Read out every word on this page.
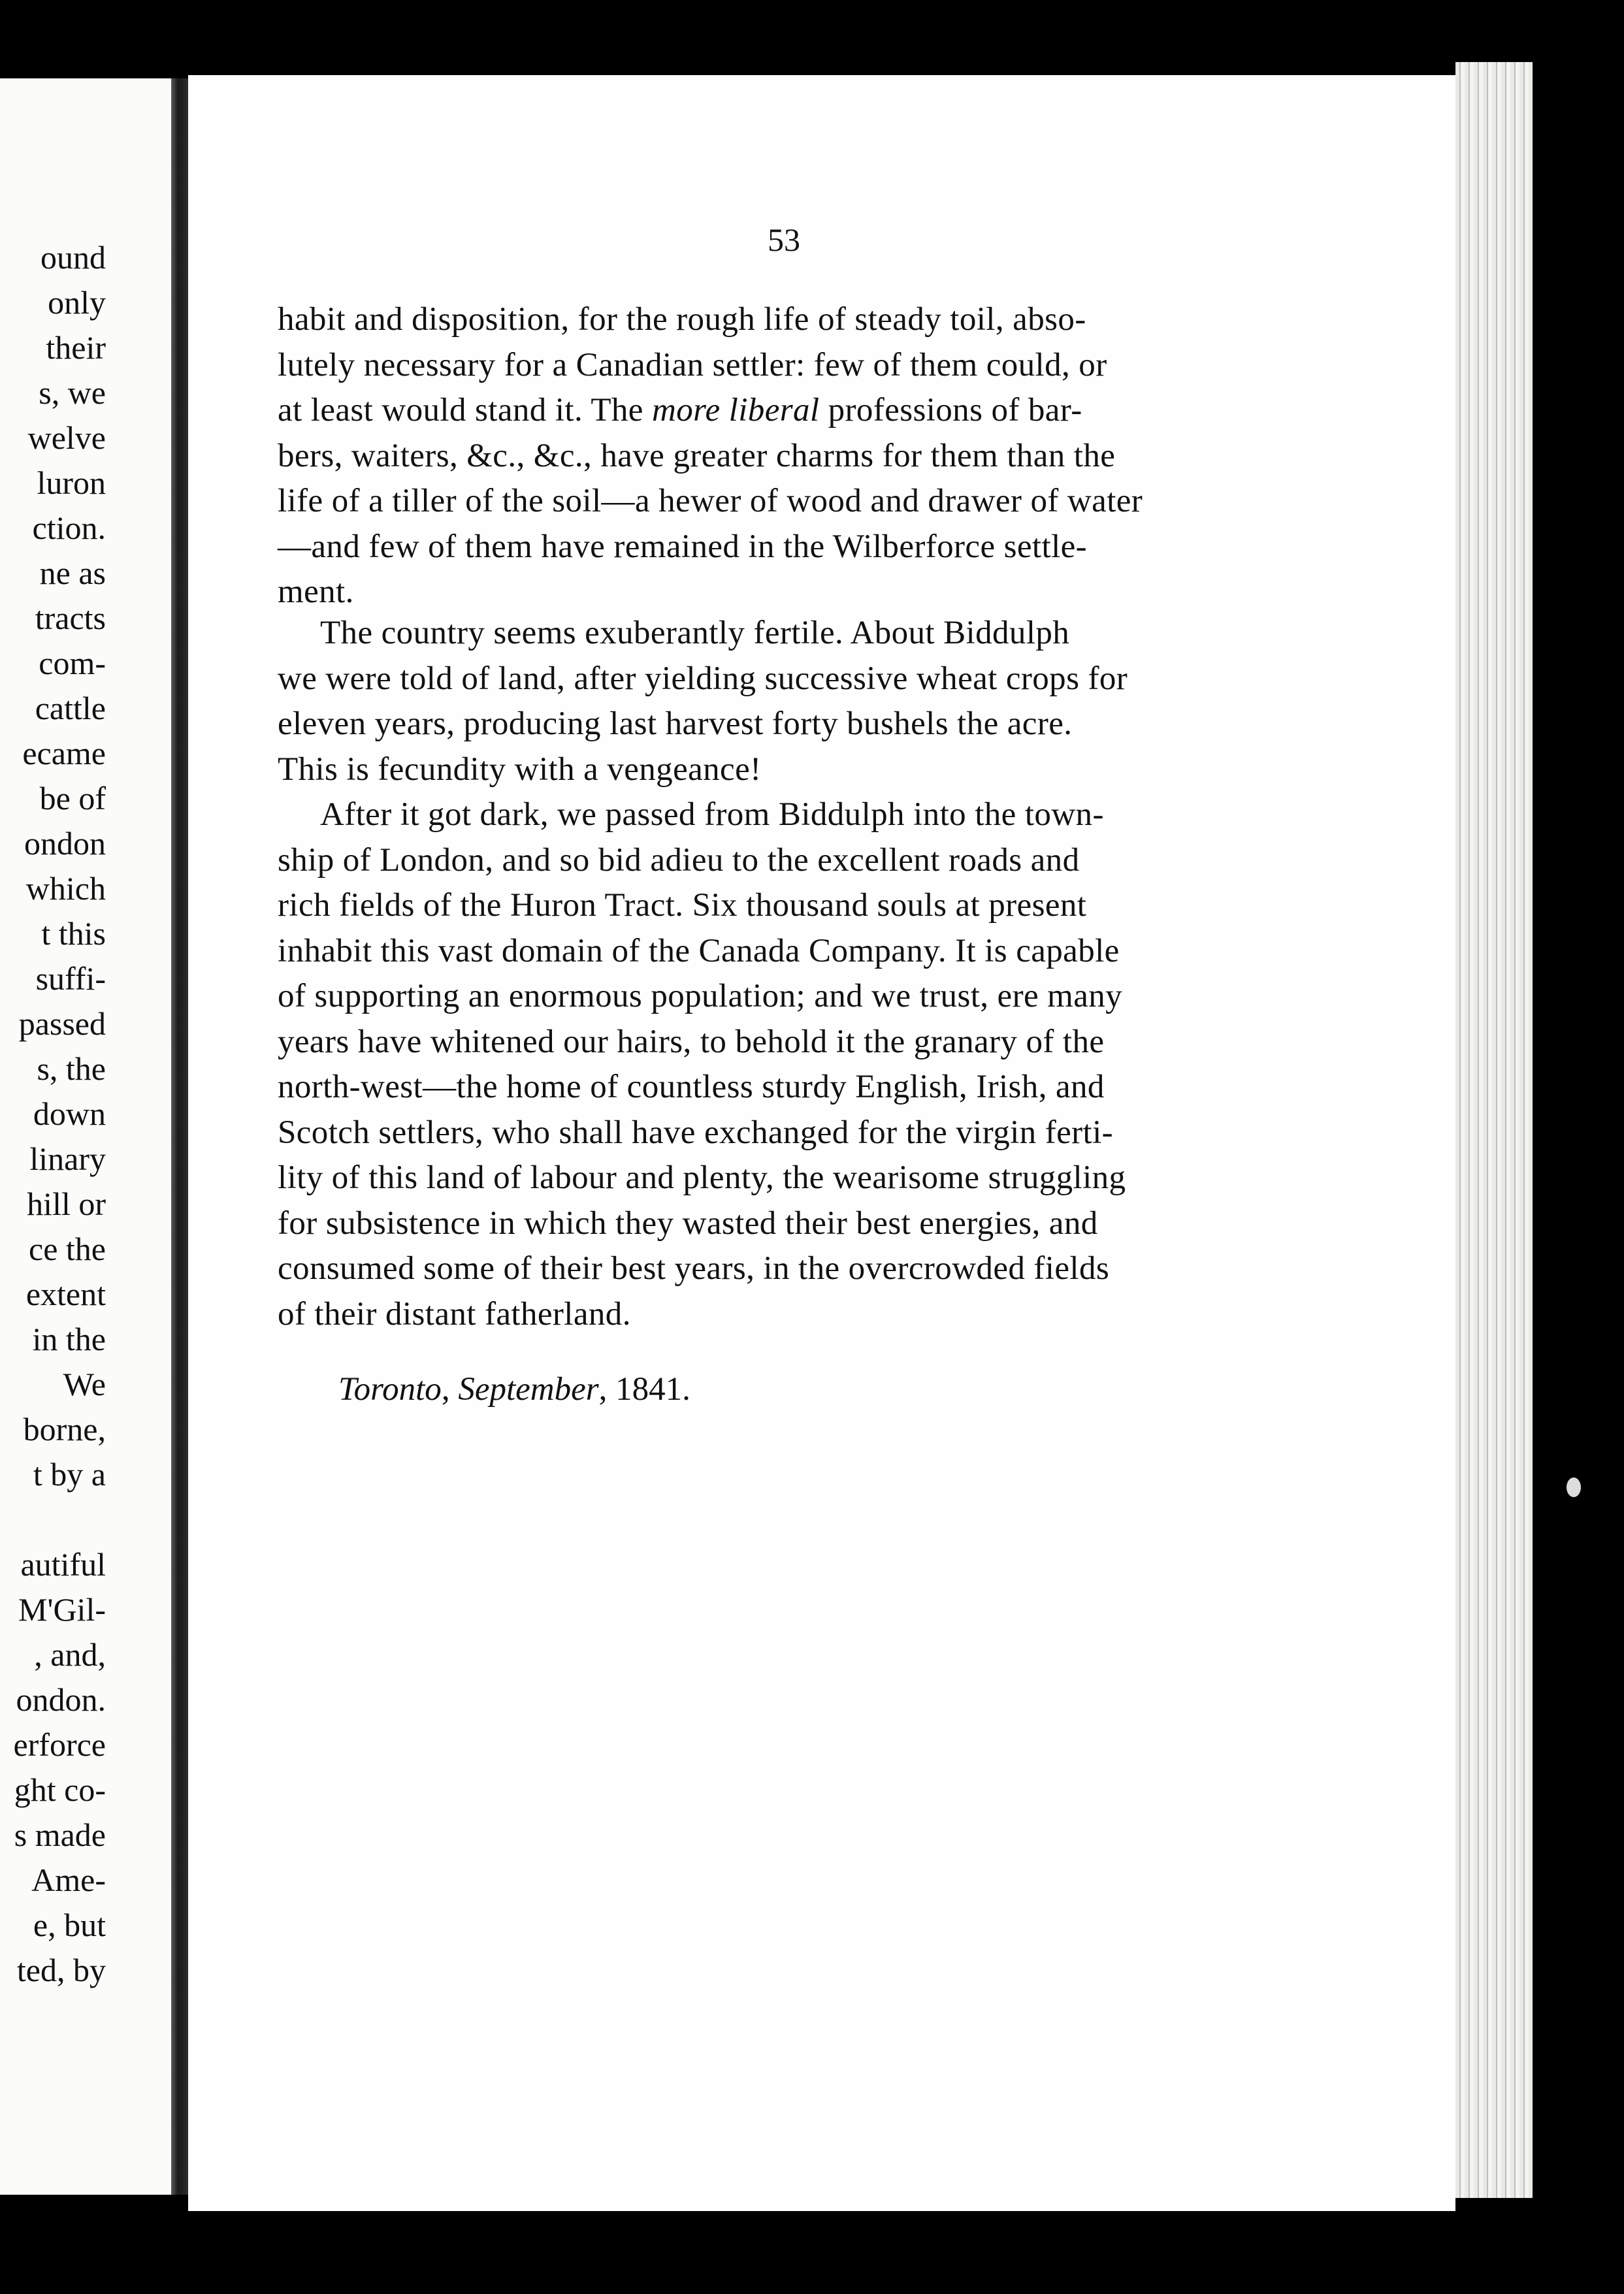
ound
only
their
s, we
welve
luron
ction.
ne as
tracts
com-
cattle
ecame
be of
ondon
which
t this
suffi-
passed
s, the
down
linary
hill or
ce the
extent
in the
We
borne,
t by a
autiful
M'Gil-
, and,
ondon.
erforce
ght co-
s made
Ame-
e, but
ted, by
53
habit and disposition, for the rough life of steady toil, abso-
lutely necessary for a Canadian settler: few of them could, or
at least would stand it. The more liberal professions of bar-
bers, waiters, &c., &c., have greater charms for them than the
life of a tiller of the soil—a hewer of wood and drawer of water
—and few of them have remained in the Wilberforce settle-
ment.
The country seems exuberantly fertile. About Biddulph
we were told of land, after yielding successive wheat crops for
eleven years, producing last harvest forty bushels the acre.
This is fecundity with a vengeance!
After it got dark, we passed from Biddulph into the town-
ship of London, and so bid adieu to the excellent roads and
rich fields of the Huron Tract. Six thousand souls at present
inhabit this vast domain of the Canada Company. It is capable
of supporting an enormous population; and we trust, ere many
years have whitened our hairs, to behold it the granary of the
north-west—the home of countless sturdy English, Irish, and
Scotch settlers, who shall have exchanged for the virgin ferti-
lity of this land of labour and plenty, the wearisome struggling
for subsistence in which they wasted their best energies, and
consumed some of their best years, in the overcrowded fields
of their distant fatherland.
Toronto, September, 1841.
